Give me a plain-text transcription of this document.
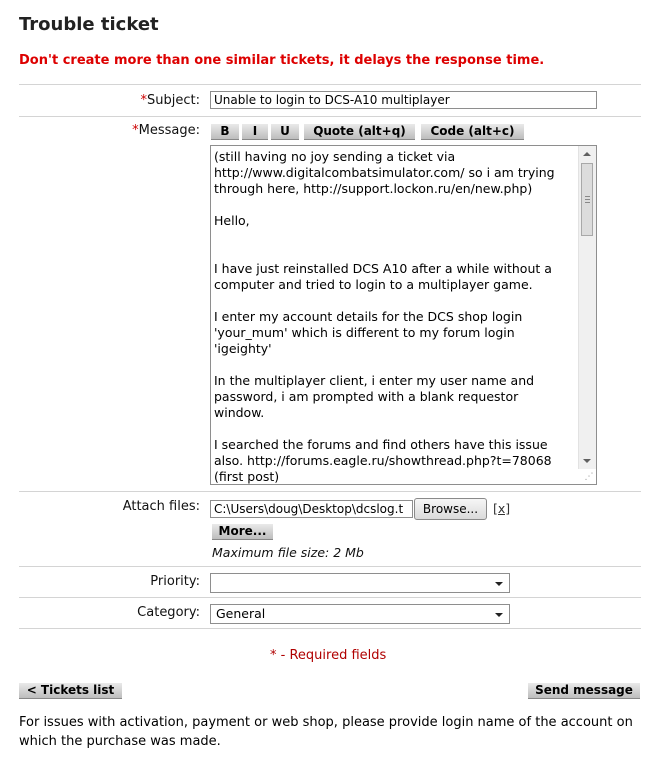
Trouble ticket
Don't create more than one similar tickets, it delays the response time.
*Subject:	Unable to login to DCS-A10 multiplayer
*Message:	B	I	U	Quote (alt+q)	Code (alt+c)
(still having no joy sending a ticket via
http://www.digitalcombatsimulator.com/ so i am trying
through here, http://support.lockon.ru/en/new.php)
Hello,
I have just reinstalled DCS A10 after a while without a
computer and tried to login to a multiplayer game.
I enter my account details for the DCS shop login
'your_mum' which is different to my forum login 'igeighty'
In the multiplayer client, i enter my user name and
password, i am prompted with a blank requestor
window.
I searched the forums and find others have this issue
also. http://forums.eagle.ru/showthread.php?t=78068
(first post)	⋰
Attach files:	C:\Users\doug\Desktop\dcslog.t	Browse...	[x]
More...
Maximum file size: 2 Mb
Priority:
Category:	General
* - Required fields
< Tickets list	Send message
For issues with activation, payment or web shop, please provide login name of the account on which the purchase was made.
